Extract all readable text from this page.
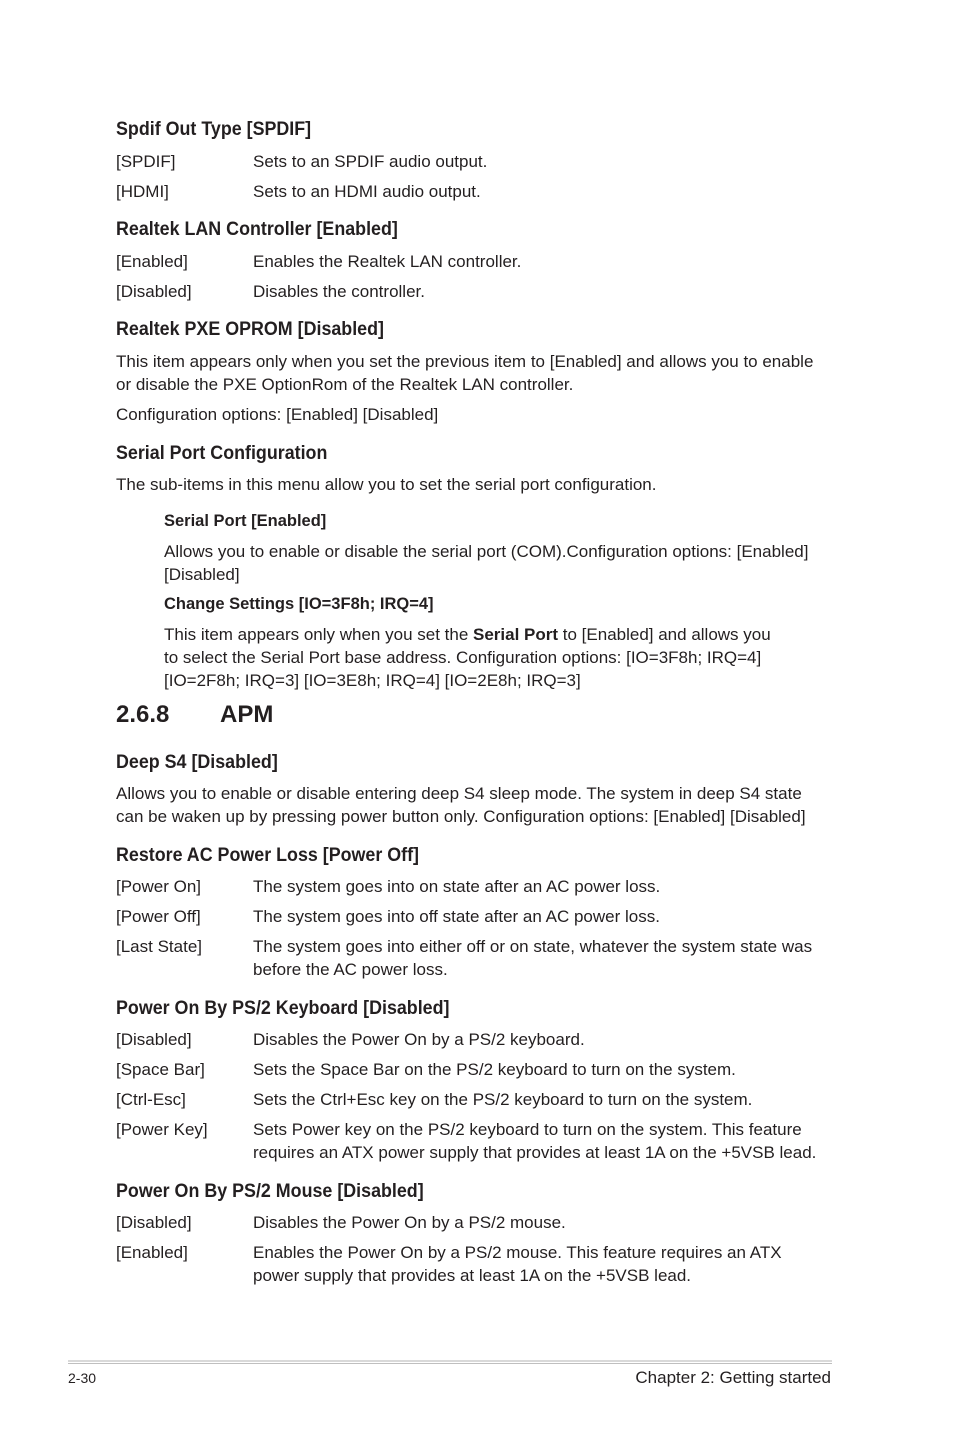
Spdif Out Type [SPDIF]
[SPDIF]	Sets to an SPDIF audio output.
[HDMI]	Sets to an HDMI audio output.
Realtek LAN Controller [Enabled]
[Enabled]	Enables the Realtek LAN controller.
[Disabled]	Disables the controller.
Realtek PXE OPROM [Disabled]
This item appears only when you set the previous item to [Enabled] and allows you to enable
or disable the PXE OptionRom of the Realtek LAN controller.
Configuration options: [Enabled] [Disabled]
Serial Port Configuration
The sub-items in this menu allow you to set the serial port configuration.
Serial Port [Enabled]
Allows you to enable or disable the serial port (COM).Configuration options: [Enabled]
[Disabled]
Change Settings [IO=3F8h; IRQ=4]
This item appears only when you set the Serial Port to [Enabled] and allows you
to select the Serial Port base address. Configuration options: [IO=3F8h; IRQ=4]
[IO=2F8h; IRQ=3] [IO=3E8h; IRQ=4] [IO=2E8h; IRQ=3]
2.6.8	APM
Deep S4 [Disabled]
Allows you to enable or disable entering deep S4 sleep mode. The system in deep S4 state
can be waken up by pressing power button only. Configuration options: [Enabled] [Disabled]
Restore AC Power Loss [Power Off]
[Power On]	The system goes into on state after an AC power loss.
[Power Off]	The system goes into off state after an AC power loss.
[Last State]	The system goes into either off or on state, whatever the system state was
before the AC power loss.
Power On By PS/2 Keyboard [Disabled]
[Disabled]	Disables the Power On by a PS/2 keyboard.
[Space Bar]	Sets the Space Bar on the PS/2 keyboard to turn on the system.
[Ctrl-Esc]	Sets the Ctrl+Esc key on the PS/2 keyboard to turn on the system.
[Power Key]	Sets Power key on the PS/2 keyboard to turn on the system. This feature
requires an ATX power supply that provides at least 1A on the +5VSB lead.
Power On By PS/2 Mouse [Disabled]
[Disabled]	Disables the Power On by a PS/2 mouse.
[Enabled]	Enables the Power On by a PS/2 mouse. This feature requires an ATX
power supply that provides at least 1A on the +5VSB lead.
2-30	Chapter 2: Getting started
